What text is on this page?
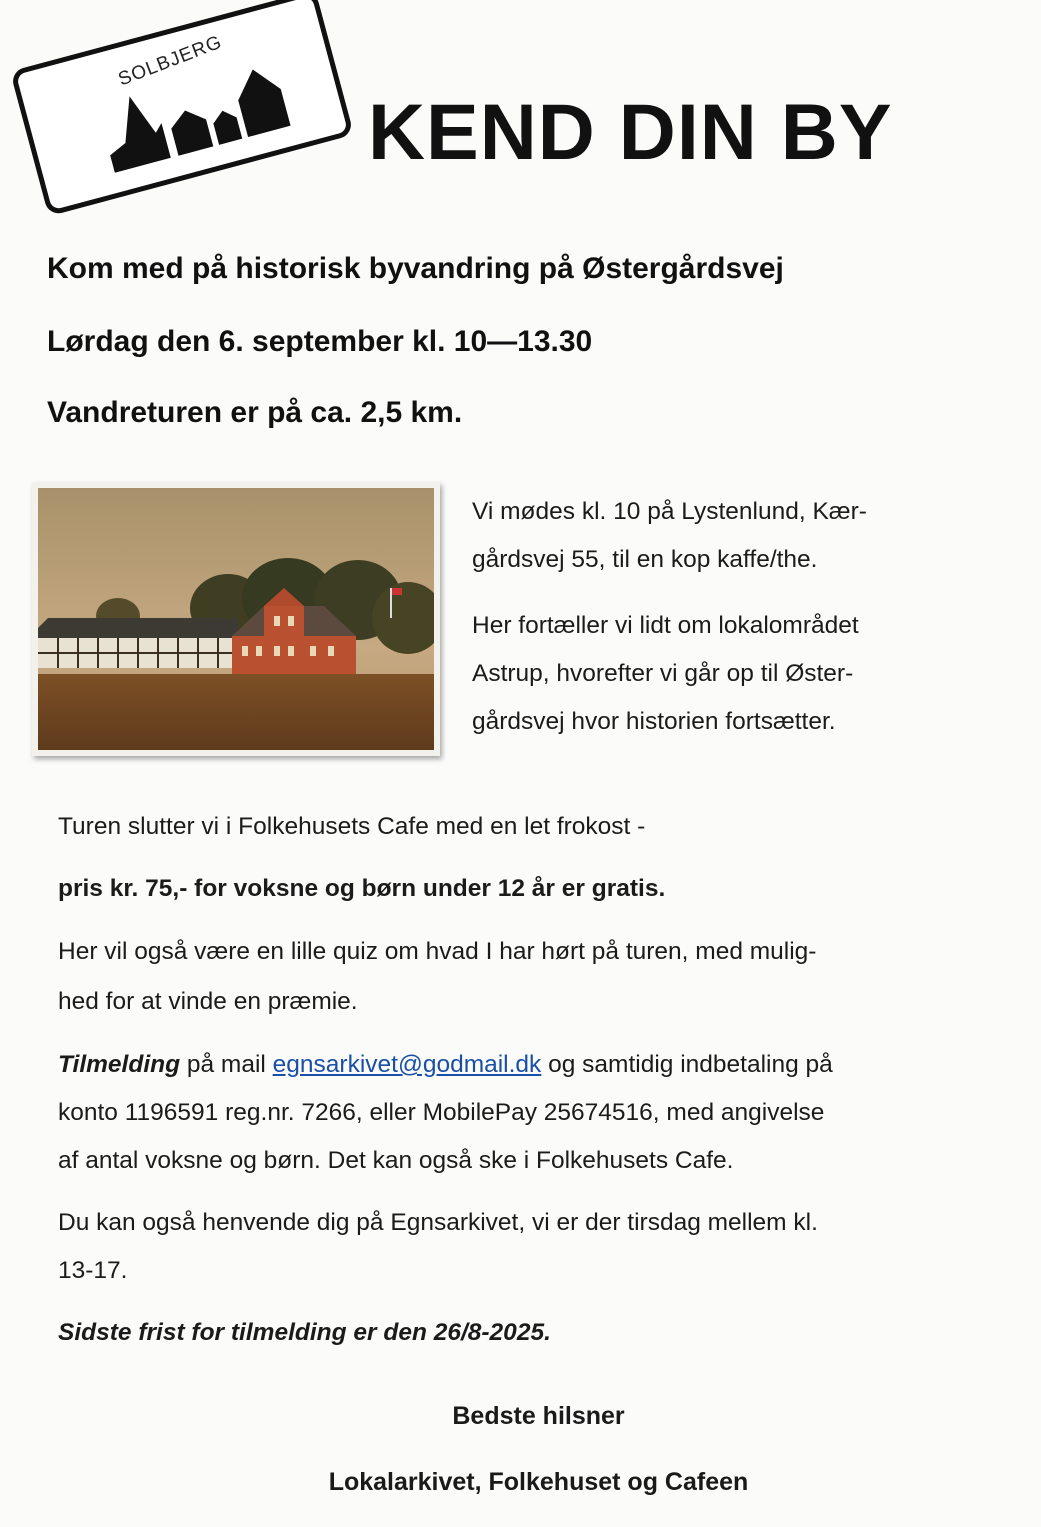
SOLBJERG
KEND DIN BY
Kom med på historisk byvandring på Østergårdsvej
Lørdag den 6. september kl. 10—13.30
Vandreturen er på ca. 2,5 km.
Vi mødes kl. 10 på Lystenlund, Kær-
gårdsvej 55, til en kop kaffe/the.
Her fortæller vi lidt om lokalområdet
Astrup, hvorefter vi går op til Øster-
gårdsvej hvor historien fortsætter.
Turen slutter vi i Folkehusets Cafe med en let frokost -
pris kr. 75,- for voksne og børn under 12 år er gratis.
Her vil også være en lille quiz om hvad I har hørt på turen, med mulig-
hed for at vinde en præmie.
Tilmelding på mail egnsarkivet@godmail.dk og samtidig indbetaling på
konto 1196591 reg.nr. 7266, eller MobilePay 25674516, med angivelse
af antal voksne og børn. Det kan også ske i Folkehusets Cafe.
Du kan også henvende dig på Egnsarkivet, vi er der tirsdag mellem kl.
13-17.
Sidste frist for tilmelding er den 26/8-2025.
Bedste hilsner
Lokalarkivet, Folkehuset og Cafeen
